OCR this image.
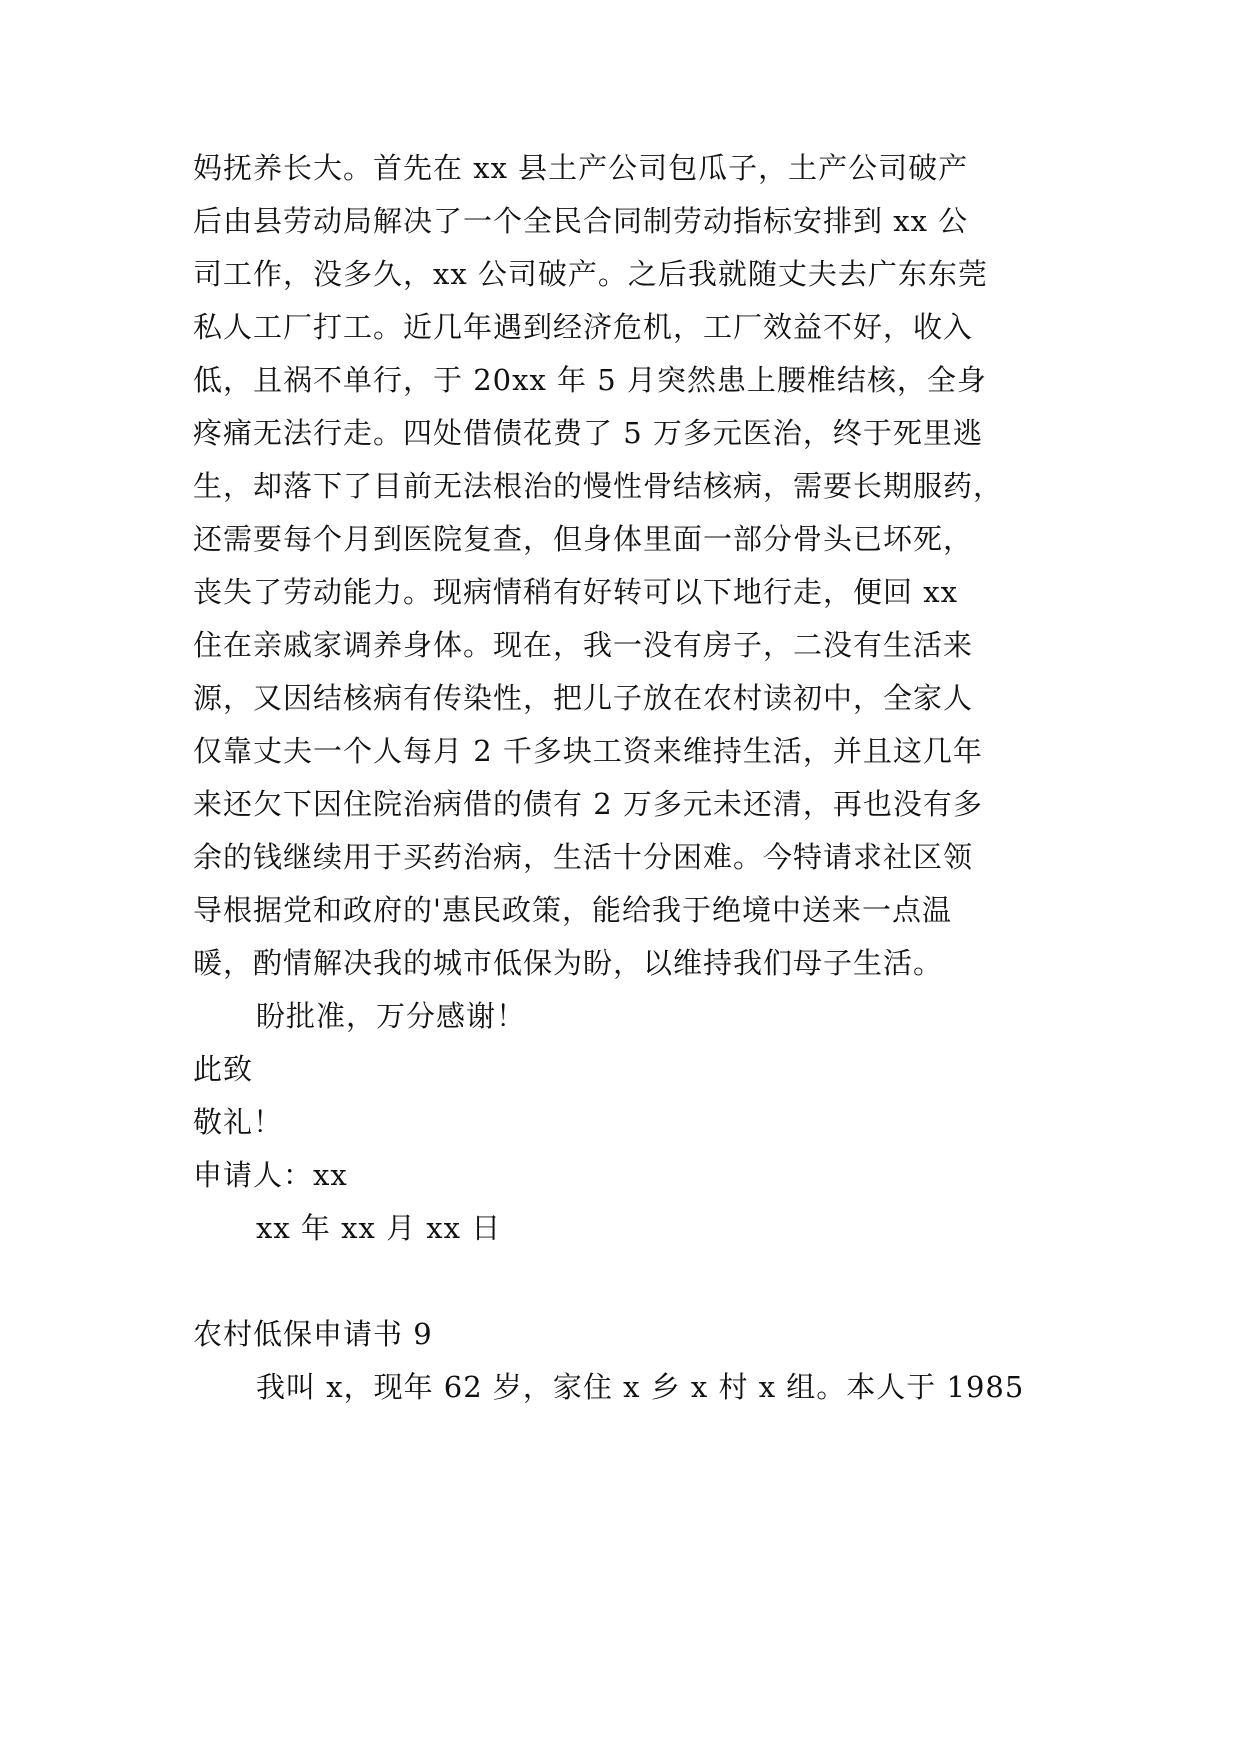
妈抚养长大。首先在 xx 县土产公司包瓜子，土产公司破产
后由县劳动局解决了一个全民合同制劳动指标安排到 xx 公
司工作，没多久，xx 公司破产。之后我就随丈夫去广东东莞
私人工厂打工。近几年遇到经济危机，工厂效益不好，收入
低，且祸不单行，于 20xx 年 5 月突然患上腰椎结核，全身
疼痛无法行走。四处借债花费了 5 万多元医治，终于死里逃
生，却落下了目前无法根治的慢性骨结核病，需要长期服药，
还需要每个月到医院复查，但身体里面一部分骨头已坏死，
丧失了劳动能力。现病情稍有好转可以下地行走，便回 xx
住在亲戚家调养身体。现在，我一没有房子，二没有生活来
源，又因结核病有传染性，把儿子放在农村读初中，全家人
仅靠丈夫一个人每月 2 千多块工资来维持生活，并且这几年
来还欠下因住院治病借的债有 2 万多元未还清，再也没有多
余的钱继续用于买药治病，生活十分困难。今特请求社区领
导根据党和政府的'惠民政策，能给我于绝境中送来一点温
暖，酌情解决我的城市低保为盼，以维持我们母子生活。
盼批准，万分感谢！
此致
敬礼！
申请人：xx
xx 年 xx 月 xx 日
农村低保申请书 9
我叫 x，现年 62 岁，家住 x 乡 x 村 x 组。本人于 1985
